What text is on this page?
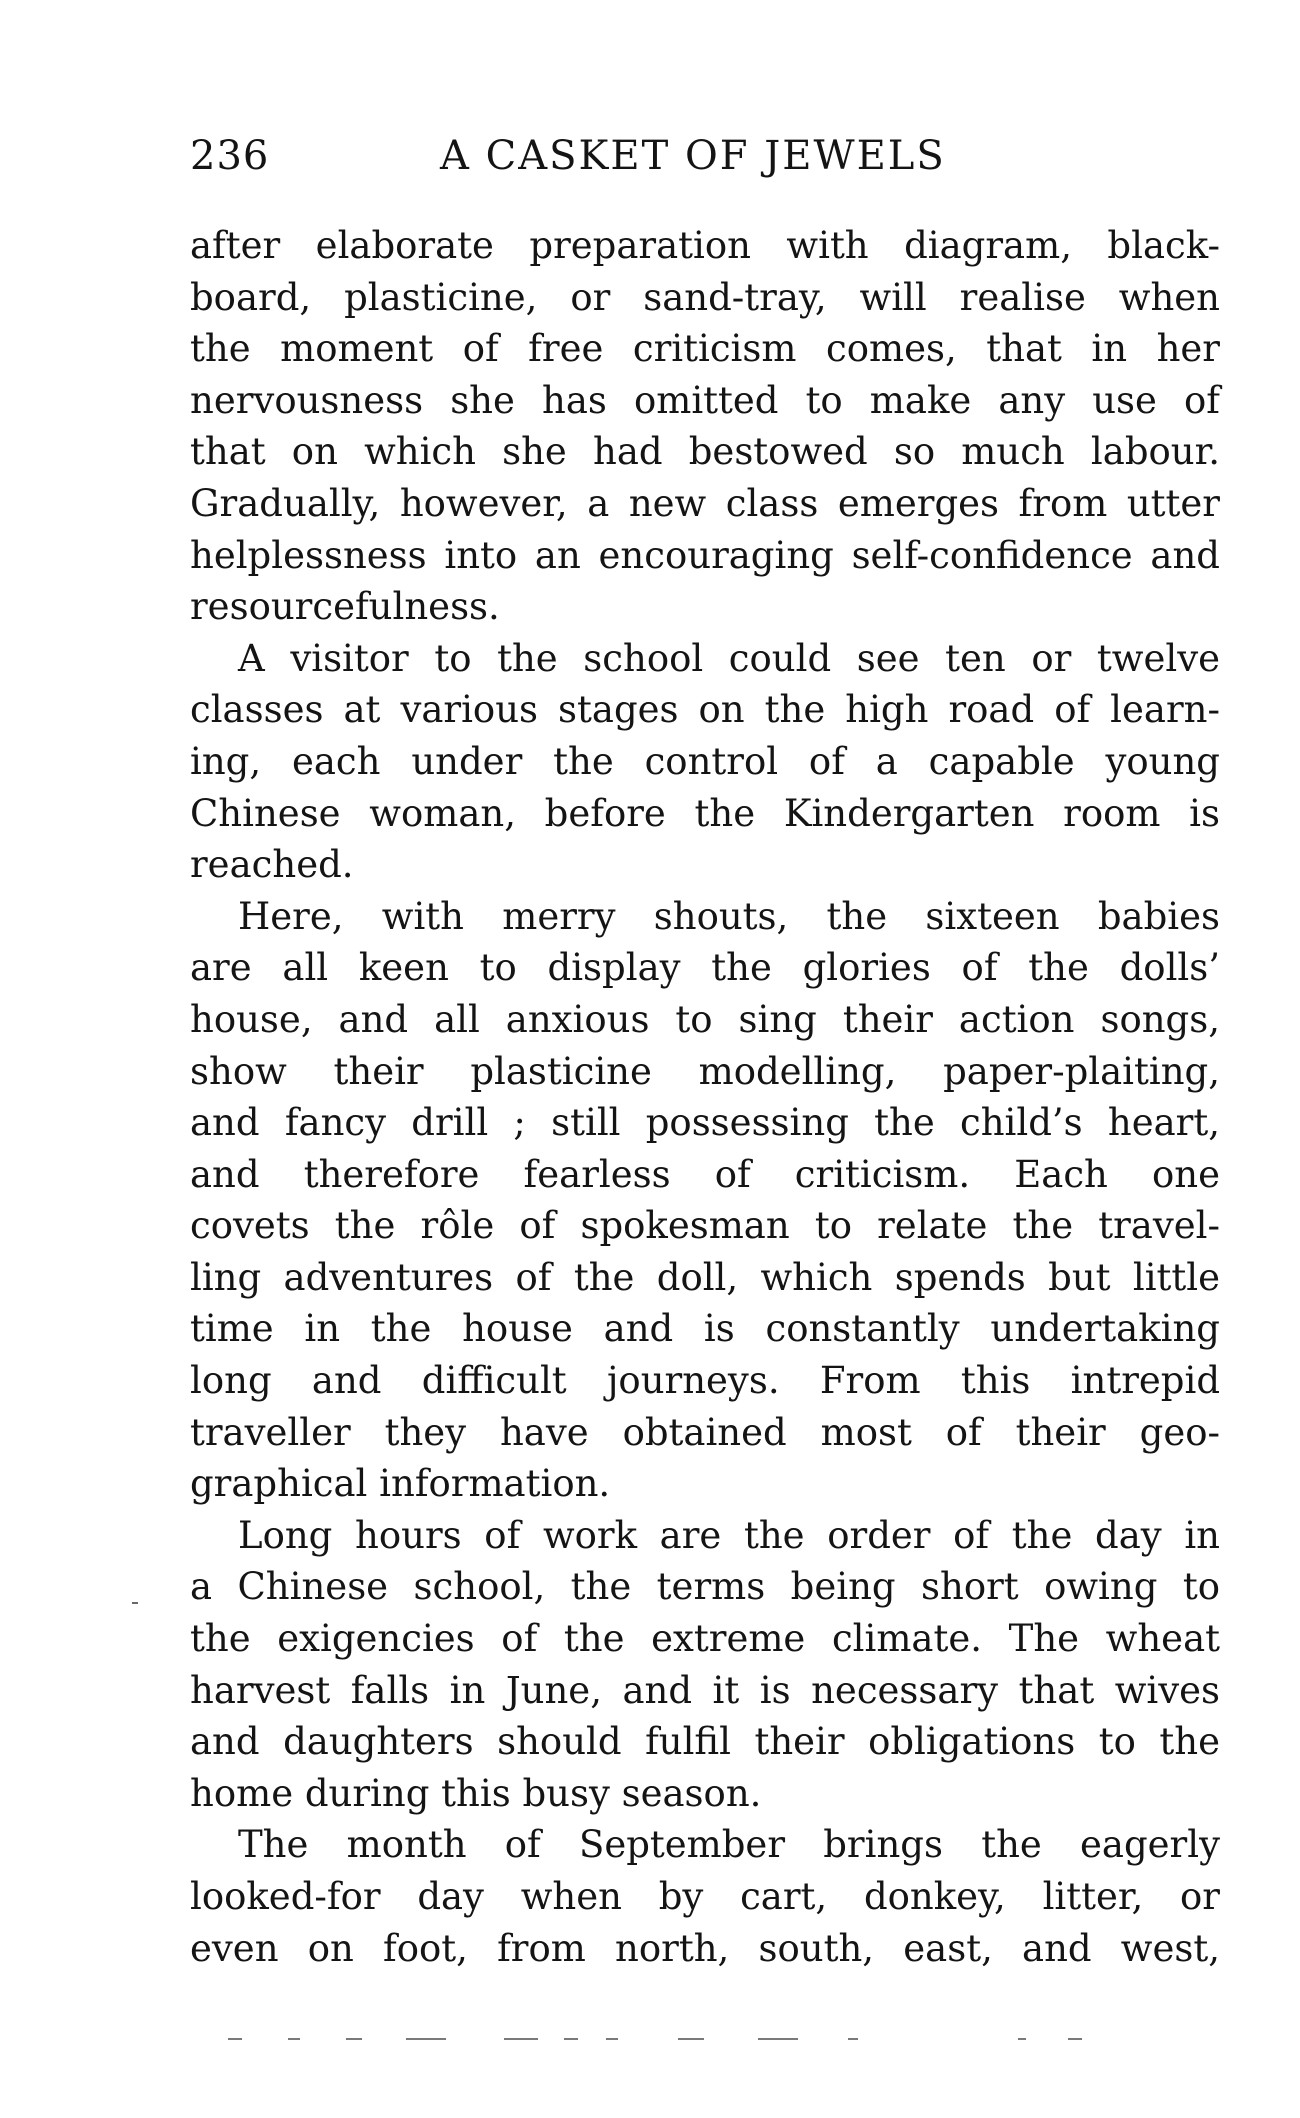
236	A CASKET OF JEWELS
after elaborate preparation with diagram, black-
board, plasticine, or sand-tray, will realise when
the moment of free criticism comes, that in her
nervousness she has omitted to make any use of
that on which she had bestowed so much labour.
Gradually, however, a new class emerges from utter
helplessness into an encouraging self-confidence and
resourcefulness.
A visitor to the school could see ten or twelve
classes at various stages on the high road of learn-
ing, each under the control of a capable young
Chinese woman, before the Kindergarten room is
reached.
Here, with merry shouts, the sixteen babies
are all keen to display the glories of the dolls’
house, and all anxious to sing their action songs,
show their plasticine modelling, paper-plaiting,
and fancy drill ; still possessing the child’s heart,
and therefore fearless of criticism. Each one
covets the rôle of spokesman to relate the travel-
ling adventures of the doll, which spends but little
time in the house and is constantly undertaking
long and difficult journeys. From this intrepid
traveller they have obtained most of their geo-
graphical information.
Long hours of work are the order of the day in
a Chinese school, the terms being short owing to
the exigencies of the extreme climate. The wheat
harvest falls in June, and it is necessary that wives
and daughters should fulfil their obligations to the
home during this busy season.
The month of September brings the eagerly
looked-for day when by cart, donkey, litter, or
even on foot, from north, south, east, and west,
